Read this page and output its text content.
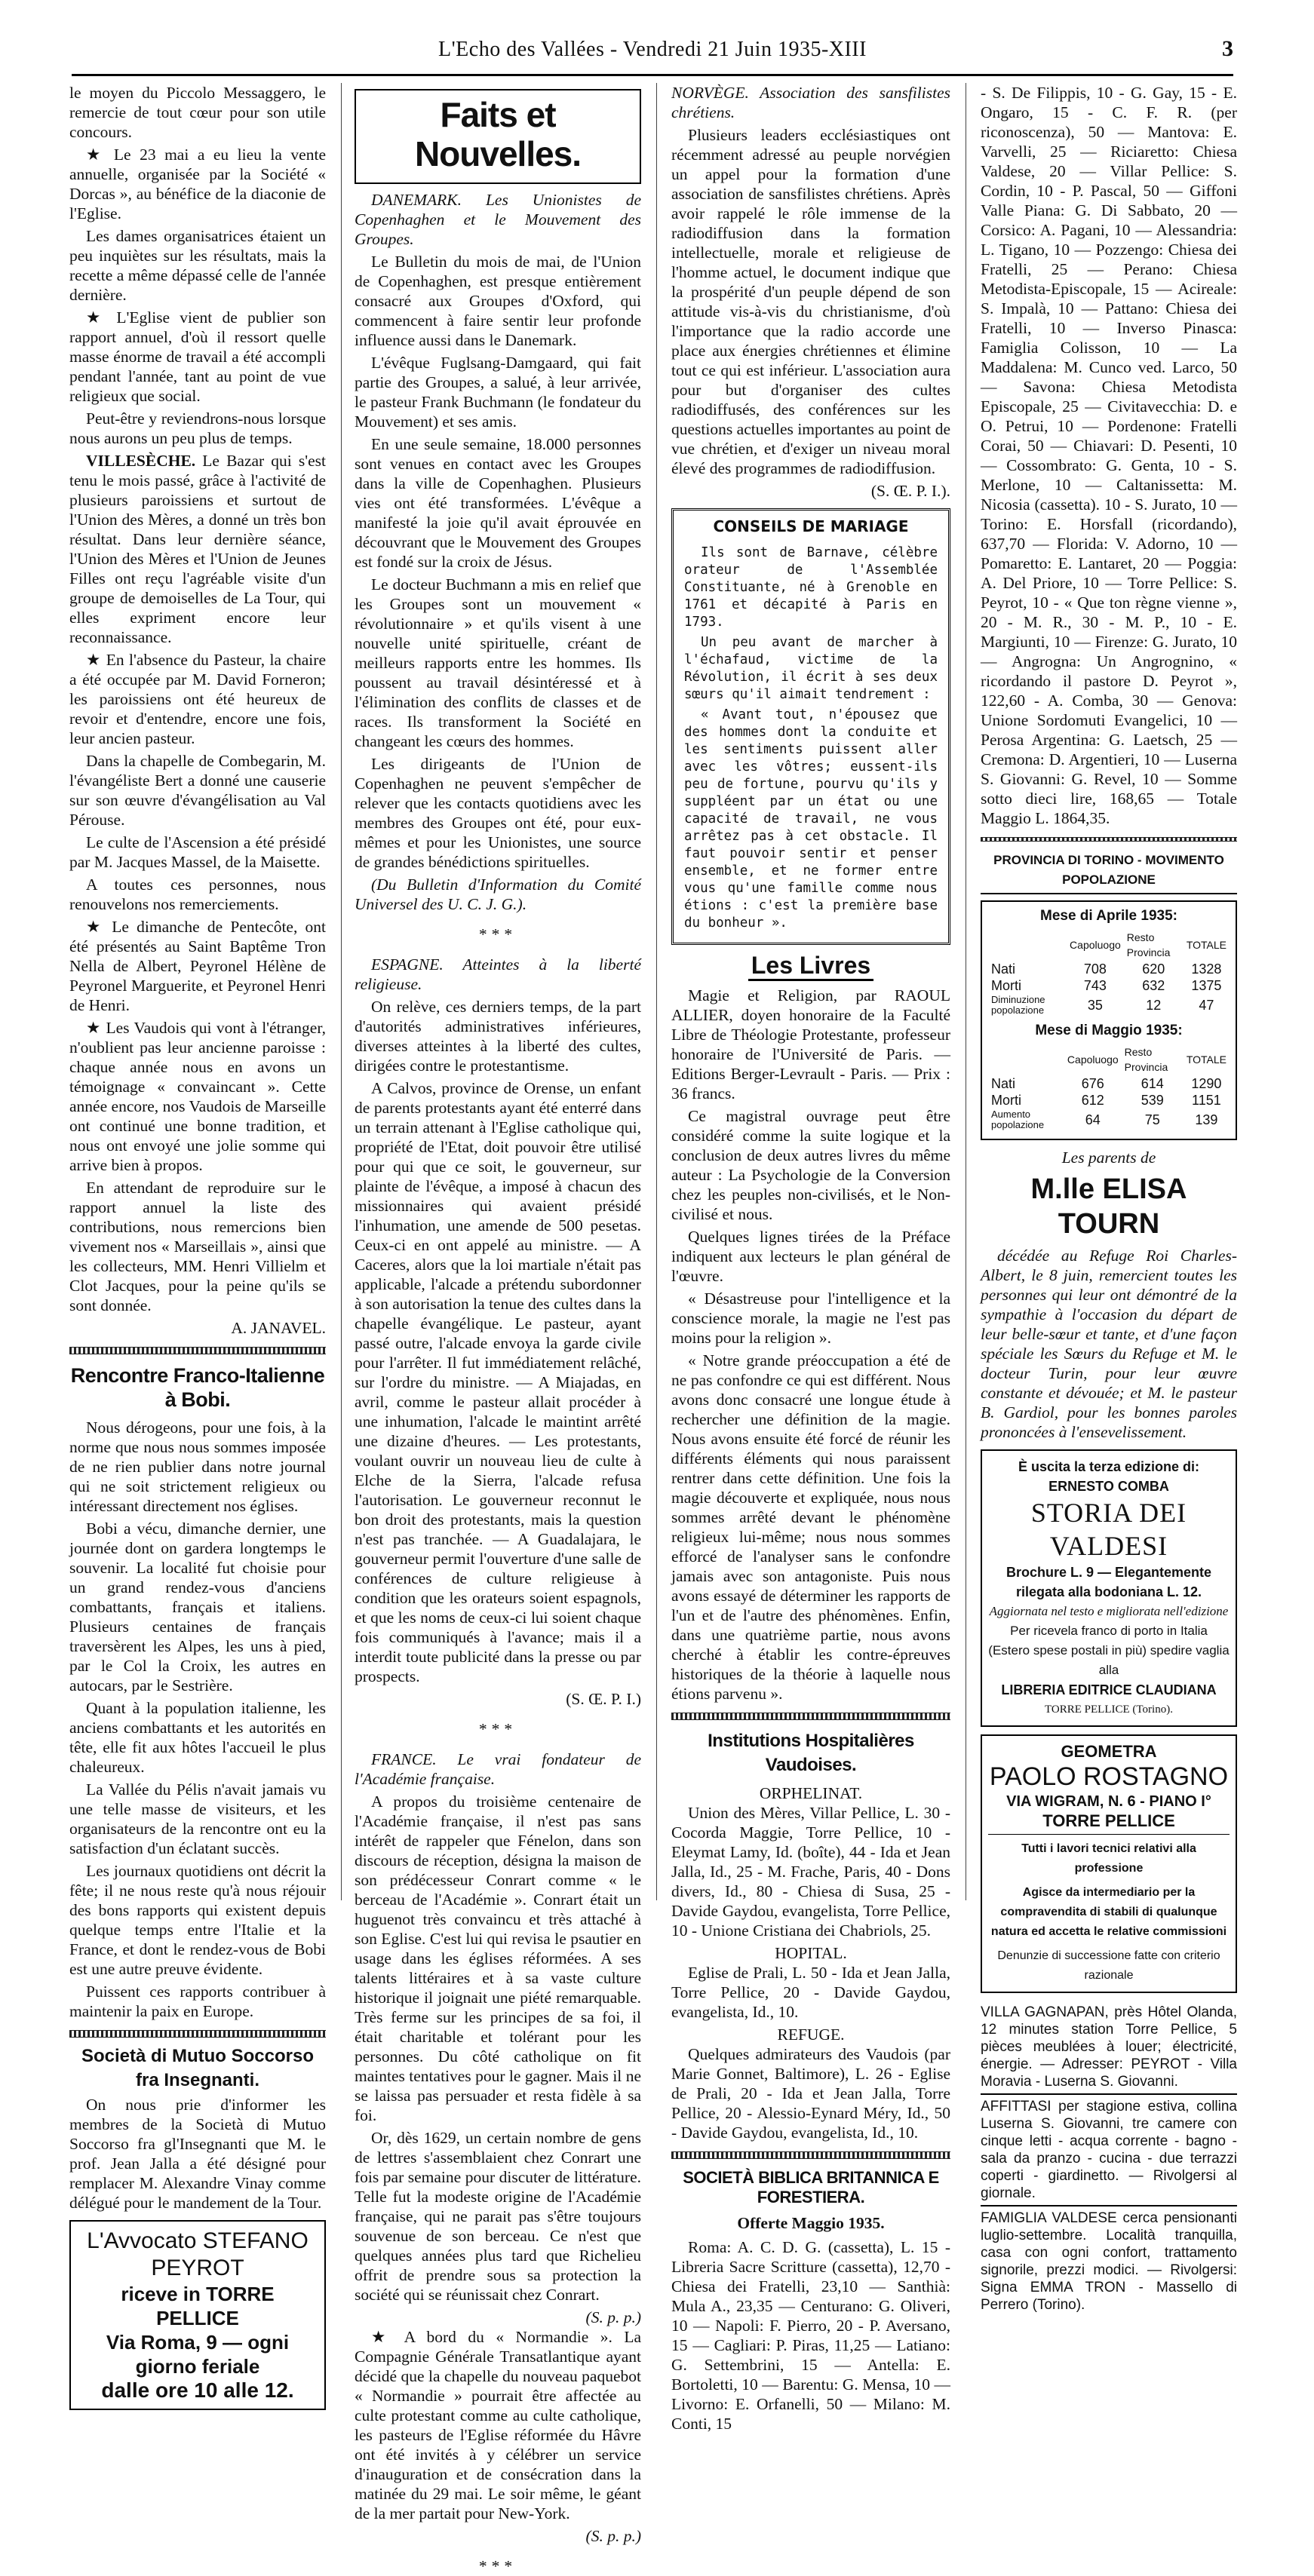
L'Echo des Vallées - Vendredi 21 Juin 1935-XIII	3

le moyen du Piccolo Messaggero, le remercie de tout cœur pour son utile concours.

★ Le 23 mai a eu lieu la vente annuelle, organisée par la Société « Dorcas », au bénéfice de la diaconie de l'Eglise.

Les dames organisatrices étaient un peu inquiètes sur les résultats, mais la recette a même dépassé celle de l'année dernière.

★ L'Eglise vient de publier son rapport annuel, d'où il ressort quelle masse énorme de travail a été accompli pendant l'année, tant au point de vue religieux que social.

Peut-être y reviendrons-nous lorsque nous aurons un peu plus de temps.

VILLESÈCHE. Le Bazar qui s'est tenu le mois passé, grâce à l'activité de plusieurs paroissiens et surtout de l'Union des Mères, a donné un très bon résultat. Dans leur dernière séance, l'Union des Mères et l'Union de Jeunes Filles ont reçu l'agréable visite d'un groupe de demoiselles de La Tour, qui elles expriment encore leur reconnaissance.

★ En l'absence du Pasteur, la chaire a été occupée par M. David Forneron; les paroissiens ont été heureux de revoir et d'entendre, encore une fois, leur ancien pasteur.

Dans la chapelle de Combegarin, M. l'évangéliste Bert a donné une causerie sur son œuvre d'évangélisation au Val Pérouse.

Le culte de l'Ascension a été présidé par M. Jacques Massel, de la Maisette.

A toutes ces personnes, nous renouvelons nos remerciements.

★ Le dimanche de Pentecôte, ont été présentés au Saint Baptême Tron Nella de Albert, Peyronel Hélène de Peyronel Marguerite, et Peyronel Henri de Henri.

★ Les Vaudois qui vont à l'étranger, n'oublient pas leur ancienne paroisse : chaque année nous en avons un témoignage « convaincant ». Cette année encore, nos Vaudois de Marseille ont continué une bonne tradition, et nous ont envoyé une jolie somme qui arrive bien à propos.

En attendant de reproduire sur le rapport annuel la liste des contributions, nous remercions bien vivement nos « Marseillais », ainsi que les collecteurs, MM. Henri Villielm et Clot Jacques, pour la peine qu'ils se sont donnée.

A. JANAVEL.
Rencontre Franco-Italienne à Bobi.

Nous dérogeons, pour une fois, à la norme que nous nous sommes imposée de ne rien publier dans notre journal qui ne soit strictement religieux ou intéressant directement nos églises.

Bobi a vécu, dimanche dernier, une journée dont on gardera longtemps le souvenir. La localité fut choisie pour un grand rendez-vous d'anciens combattants, français et italiens. Plusieurs centaines de français traversèrent les Alpes, les uns à pied, par le Col la Croix, les autres en autocars, par le Sestrière.

Quant à la population italienne, les anciens combattants et les autorités en tête, elle fit aux hôtes l'accueil le plus chaleureux.

La Vallée du Pélis n'avait jamais vu une telle masse de visiteurs, et les organisateurs de la rencontre ont eu la satisfaction d'un éclatant succès.

Les journaux quotidiens ont décrit la fête; il ne nous reste qu'à nous réjouir des bons rapports qui existent depuis quelque temps entre l'Italie et la France, et dont le rendez-vous de Bobi est une autre preuve évidente.

Puissent ces rapports contribuer à maintenir la paix en Europe.

Società di Mutuo Soccorso
fra Insegnanti.

On nous prie d'informer les membres de la Società di Mutuo Soccorso fra gl'Insegnanti que M. le prof. Jean Jalla a été désigné pour remplacer M. Alexandre Vinay comme délégué pour le mandement de la Tour.

L'Avvocato STEFANO PEYROT
riceve in TORRE PELLICE
Via Roma, 9 — ogni giorno feriale
dalle ore 10 alle 12.
Faits et Nouvelles.

DANEMARK. Les Unionistes de Copenhaghen et le Mouvement des Groupes.

Le Bulletin du mois de mai, de l'Union de Copenhaghen, est presque entièrement consacré aux Groupes d'Oxford, qui commencent à faire sentir leur profonde influence aussi dans le Danemark.

L'évêque Fuglsang-Damgaard, qui fait partie des Groupes, a salué, à leur arrivée, le pasteur Frank Buchmann (le fondateur du Mouvement) et ses amis.

En une seule semaine, 18.000 personnes sont venues en contact avec les Groupes dans la ville de Copenhaghen. Plusieurs vies ont été transformées. L'évêque a manifesté la joie qu'il avait éprouvée en découvrant que le Mouvement des Groupes est fondé sur la croix de Jésus.

Le docteur Buchmann a mis en relief que les Groupes sont un mouvement « révolutionnaire » et qu'ils visent à une nouvelle unité spirituelle, créant de meilleurs rapports entre les hommes. Ils poussent au travail désintéressé et à l'élimination des conflits de classes et de races. Ils transforment la Société en changeant les cœurs des hommes.

Les dirigeants de l'Union de Copenhaghen ne peuvent s'empêcher de relever que les contacts quotidiens avec les membres des Groupes ont été, pour eux-mêmes et pour les Unionistes, une source de grandes bénédictions spirituelles.

(Du Bulletin d'Information du Comité Universel des U. C. J. G.).

***

ESPAGNE. Atteintes à la liberté religieuse.

On relève, ces derniers temps, de la part d'autorités administratives inférieures, diverses atteintes à la liberté des cultes, dirigées contre le protestantisme.

A Calvos, province de Orense, un enfant de parents protestants ayant été enterré dans un terrain attenant à l'Eglise catholique qui, propriété de l'Etat, doit pouvoir être utilisé pour qui que ce soit, le gouverneur, sur plainte de l'évêque, a imposé à chacun des missionnaires qui avaient présidé l'inhumation, une amende de 500 pesetas. Ceux-ci en ont appelé au ministre. — A Caceres, alors que la loi martiale n'était pas applicable, l'alcade a prétendu subordonner à son autorisation la tenue des cultes dans la chapelle évangélique. Le pasteur, ayant passé outre, l'alcade envoya la garde civile pour l'arrêter. Il fut immédiatement relâché, sur l'ordre du ministre. — A Miajadas, en avril, comme le pasteur allait procéder à une inhumation, l'alcade le maintint arrêté une dizaine d'heures. — Les protestants, voulant ouvrir un nouveau lieu de culte à Elche de la Sierra, l'alcade refusa l'autorisation. Le gouverneur reconnut le bon droit des protestants, mais la question n'est pas tranchée. — A Guadalajara, le gouverneur permit l'ouverture d'une salle de conférences de culture religieuse à condition que les orateurs soient espagnols, et que les noms de ceux-ci lui soient chaque fois communiqués à l'avance; mais il a interdit toute publicité dans la presse ou par prospects.

(S. Œ. P. I.)
***

FRANCE. Le vrai fondateur de l'Académie française.

A propos du troisième centenaire de l'Académie française, il n'est pas sans intérêt de rappeler que Fénelon, dans son discours de réception, désigna la maison de son prédécesseur Conrart comme « le berceau de l'Académie ». Conrart était un huguenot très convaincu et très attaché à son Eglise. C'est lui qui revisa le psautier en usage dans les églises réformées. A ses talents littéraires et à sa vaste culture historique il joignait une piété remarquable. Très ferme sur les principes de sa foi, il était charitable et tolérant pour les personnes. Du côté catholique on fit maintes tentatives pour le gagner. Mais il ne se laissa pas persuader et resta fidèle à sa foi.

Or, dès 1629, un certain nombre de gens de lettres s'assemblaient chez Conrart une fois par semaine pour discuter de littérature. Telle fut la modeste origine de l'Académie française, qui ne parait pas s'être toujours souvenue de son berceau. Ce n'est que quelques années plus tard que Richelieu offrit de prendre sous sa protection la société qui se réunissait chez Conrart.

(S. p. p.)

★ A bord du « Normandie ». La Compagnie Générale Transatlantique ayant décidé que la chapelle du nouveau paquebot « Normandie » pourrait être affectée au culte protestant comme au culte catholique, les pasteurs de l'Eglise réformée du Hâvre ont été invités à y célébrer un service d'inauguration et de consécration dans la matinée du 29 mai. Le soir même, le géant de la mer partait pour New-York.

(S. p. p.)
***

NORVÈGE. Association des sansfilistes chrétiens.

Plusieurs leaders ecclésiastiques ont récemment adressé au peuple norvégien un appel pour la formation d'une association de sansfilistes chrétiens. Après avoir rappelé le rôle immense de la radiodiffusion dans la formation intellectuelle, morale et religieuse de l'homme actuel, le document indique que la prospérité d'un peuple dépend de son attitude vis-à-vis du christianisme, d'où l'importance que la radio accorde une place aux énergies chrétiennes et élimine tout ce qui est inférieur. L'association aura pour but d'organiser des cultes radiodiffusés, des conférences sur les questions actuelles importantes au point de vue chrétien, et d'exiger un niveau moral élevé des programmes de radiodiffusion.

(S. Œ. P. I.).
CONSEILS DE MARIAGE

Ils sont de Barnave, célèbre orateur de l'Assemblée Constituante, né à Grenoble en 1761 et décapité à Paris en 1793.

Un peu avant de marcher à l'échafaud, victime de la Révolution, il écrit à ses deux sœurs qu'il aimait tendrement :

« Avant tout, n'épousez que des hommes dont la conduite et les sentiments puissent aller avec les vôtres; eussent-ils peu de fortune, pourvu qu'ils y suppléent par un état ou une capacité de travail, ne vous arrêtez pas à cet obstacle. Il faut pouvoir sentir et penser ensemble, et ne former entre vous qu'une famille comme nous étions : c'est la première base du bonheur ».

Les Livres

Magie et Religion, par RAOUL ALLIER, doyen honoraire de la Faculté Libre de Théologie Protestante, professeur honoraire de l'Université de Paris. — Editions Berger-Levrault - Paris. — Prix : 36 francs.

Ce magistral ouvrage peut être considéré comme la suite logique et la conclusion de deux autres livres du même auteur : La Psychologie de la Conversion chez les peuples non-civilisés, et le Non-civilisé et nous.

Quelques lignes tirées de la Préface indiquent aux lecteurs le plan général de l'œuvre.

« Désastreuse pour l'intelligence et la conscience morale, la magie ne l'est pas moins pour la religion ».

« Notre grande préoccupation a été de ne pas confondre ce qui est différent. Nous avons donc consacré une longue étude à rechercher une définition de la magie. Nous avons ensuite été forcé de réunir les différents éléments qui nous paraissent rentrer dans cette définition. Une fois la magie découverte et expliquée, nous nous sommes arrêté devant le phénomène religieux lui-même; nous nous sommes efforcé de l'analyser sans le confondre jamais avec son antagoniste. Puis nous avons essayé de déterminer les rapports de l'un et de l'autre des phénomènes. Enfin, dans une quatrième partie, nous avons cherché à établir les contre-épreuves historiques de la théorie à laquelle nous étions parvenu ».

Institutions Hospitalières Vaudoises.
ORPHELINAT.

Union des Mères, Villar Pellice, L. 30 - Cocorda Maggie, Torre Pellice, 10 - Eleymat Lamy, Id. (boîte), 44 - Ida et Jean Jalla, Id., 25 - M. Frache, Paris, 40 - Dons divers, Id., 80 - Chiesa di Susa, 25 - Davide Gaydou, evangelista, Torre Pellice, 10 - Unione Cristiana dei Chabriols, 25.

HOPITAL.

Eglise de Prali, L. 50 - Ida et Jean Jalla, Torre Pellice, 20 - Davide Gaydou, evangelista, Id., 10.

REFUGE.

Quelques admirateurs des Vaudois (par Marie Gonnet, Baltimore), L. 26 - Eglise de Prali, 20 - Ida et Jean Jalla, Torre Pellice, 20 - Alessio-Eynard Méry, Id., 50 - Davide Gaydou, evangelista, Id., 10.

SOCIETÀ BIBLICA BRITANNICA E FORESTIERA.
Offerte Maggio 1935.

Roma: A. C. D. G. (cassetta), L. 15 - Libreria Sacre Scritture (cassetta), 12,70 - Chiesa dei Fratelli, 23,10 — Santhià: Mula A., 23,35 — Centurano: G. Oliveri, 10 — Napoli: F. Pierro, 20 - P. Aversano, 15 — Cagliari: P. Piras, 11,25 — Latiano: G. Settembrini, 15 — Antella: E. Bortoletti, 10 — Barentu: G. Mensa, 10 — Livorno: E. Orfanelli, 50 — Milano: M. Conti, 15

- S. De Filippis, 10 - G. Gay, 15 - E. Ongaro, 15 - C. F. R. (per riconoscenza), 50 — Mantova: E. Varvelli, 25 — Riciaretto: Chiesa Valdese, 20 — Villar Pellice: S. Cordin, 10 - P. Pascal, 50 — Giffoni Valle Piana: G. Di Sabbato, 20 — Corsico: A. Pagani, 10 — Alessandria: L. Tigano, 10 — Pozzengo: Chiesa dei Fratelli, 25 — Perano: Chiesa Metodista-Episcopale, 15 — Acireale: S. Impalà, 10 — Pattano: Chiesa dei Fratelli, 10 — Inverso Pinasca: Famiglia Colisson, 10 — La Maddalena: M. Cunco ved. Larco, 50 — Savona: Chiesa Metodista Episcopale, 25 — Civitavecchia: D. e O. Petrui, 10 — Pordenone: Fratelli Corai, 50 — Chiavari: D. Pesenti, 10 — Cossombrato: G. Genta, 10 - S. Merlone, 10 — Caltanissetta: M. Nicosia (cassetta). 10 - S. Jurato, 10 — Torino: E. Horsfall (ricordando), 637,70 — Florida: V. Adorno, 10 — Pomaretto: E. Lantaret, 20 — Poggia: A. Del Priore, 10 — Torre Pellice: S. Peyrot, 10 - « Que ton règne vienne », 20 - M. R., 30 - M. P., 10 - E. Margiunti, 10 — Firenze: G. Jurato, 10 — Angrogna: Un Angrognino, « ricordando il pastore D. Peyrot », 122,60 - A. Comba, 30 — Genova: Unione Sordomuti Evangelici, 10 — Perosa Argentina: G. Laetsch, 25 — Cremona: D. Argentieri, 10 — Luserna S. Giovanni: G. Revel, 10 — Somme sotto dieci lire, 168,65 — Totale Maggio L. 1864,35.

PROVINCIA DI TORINO - MOVIMENTO POPOLAZIONE
Mese di Aprile 1935:
	Capoluogo	Resto Provincia	TOTALE
Nati	708	620	1328
Morti	743	632	1375
Diminuzione popolazione	35	12	47
Mese di Maggio 1935:
	Capoluogo	Resto Provincia	TOTALE
Nati	676	614	1290
Morti	612	539	1151
Aumento popolazione	64	75	139
Les parents de
M.lle ELISA TOURN

décédée au Refuge Roi Charles-Albert, le 8 juin, remercient toutes les personnes qui leur ont démontré de la sympathie à l'occasion du départ de leur belle-sœur et tante, et d'une façon spéciale les Sœurs du Refuge et M. le docteur Turin, pour leur œuvre constante et dévouée; et M. le pasteur B. Gardiol, pour les bonnes paroles prononcées à l'ensevelissement.

È uscita la terza edizione di:
ERNESTO COMBA
STORIA DEI VALDESI
Brochure L. 9 — Elegantemente rilegata alla bodoniana L. 12.
Aggiornata nel testo e migliorata nell'edizione
Per ricevela franco di porto in Italia (Estero spese postali in più) spedire vaglia alla
LIBRERIA EDITRICE CLAUDIANA
TORRE PELLICE (Torino).
GEOMETRA
PAOLO ROSTAGNO
VIA WIGRAM, N. 6 - PIANO I°
TORRE PELLICE
Tutti i lavori tecnici relativi alla professione
Agisce da intermediario per la compravendita di stabili di qualunque natura ed accetta le relative commissioni
Denunzie di successione fatte con criterio razionale
VILLA GAGNAPAN, près Hôtel Olanda, 12 minutes station Torre Pellice, 5 pièces meublées à louer; électricité, énergie. — Adresser: PEYROT - Villa Moravia - Luserna S. Giovanni.
AFFITTASI per stagione estiva, collina Luserna S. Giovanni, tre camere con cinque letti - acqua corrente - bagno - sala da pranzo - cucina - due terrazzi coperti - giardinetto. — Rivolgersi al giornale.
FAMIGLIA VALDESE cerca pensionanti luglio-settembre. Località tranquilla, casa con ogni confort, trattamento signorile, prezzi modici. — Rivolgersi: Signa EMMA TRON - Massello di Perrero (Torino).
